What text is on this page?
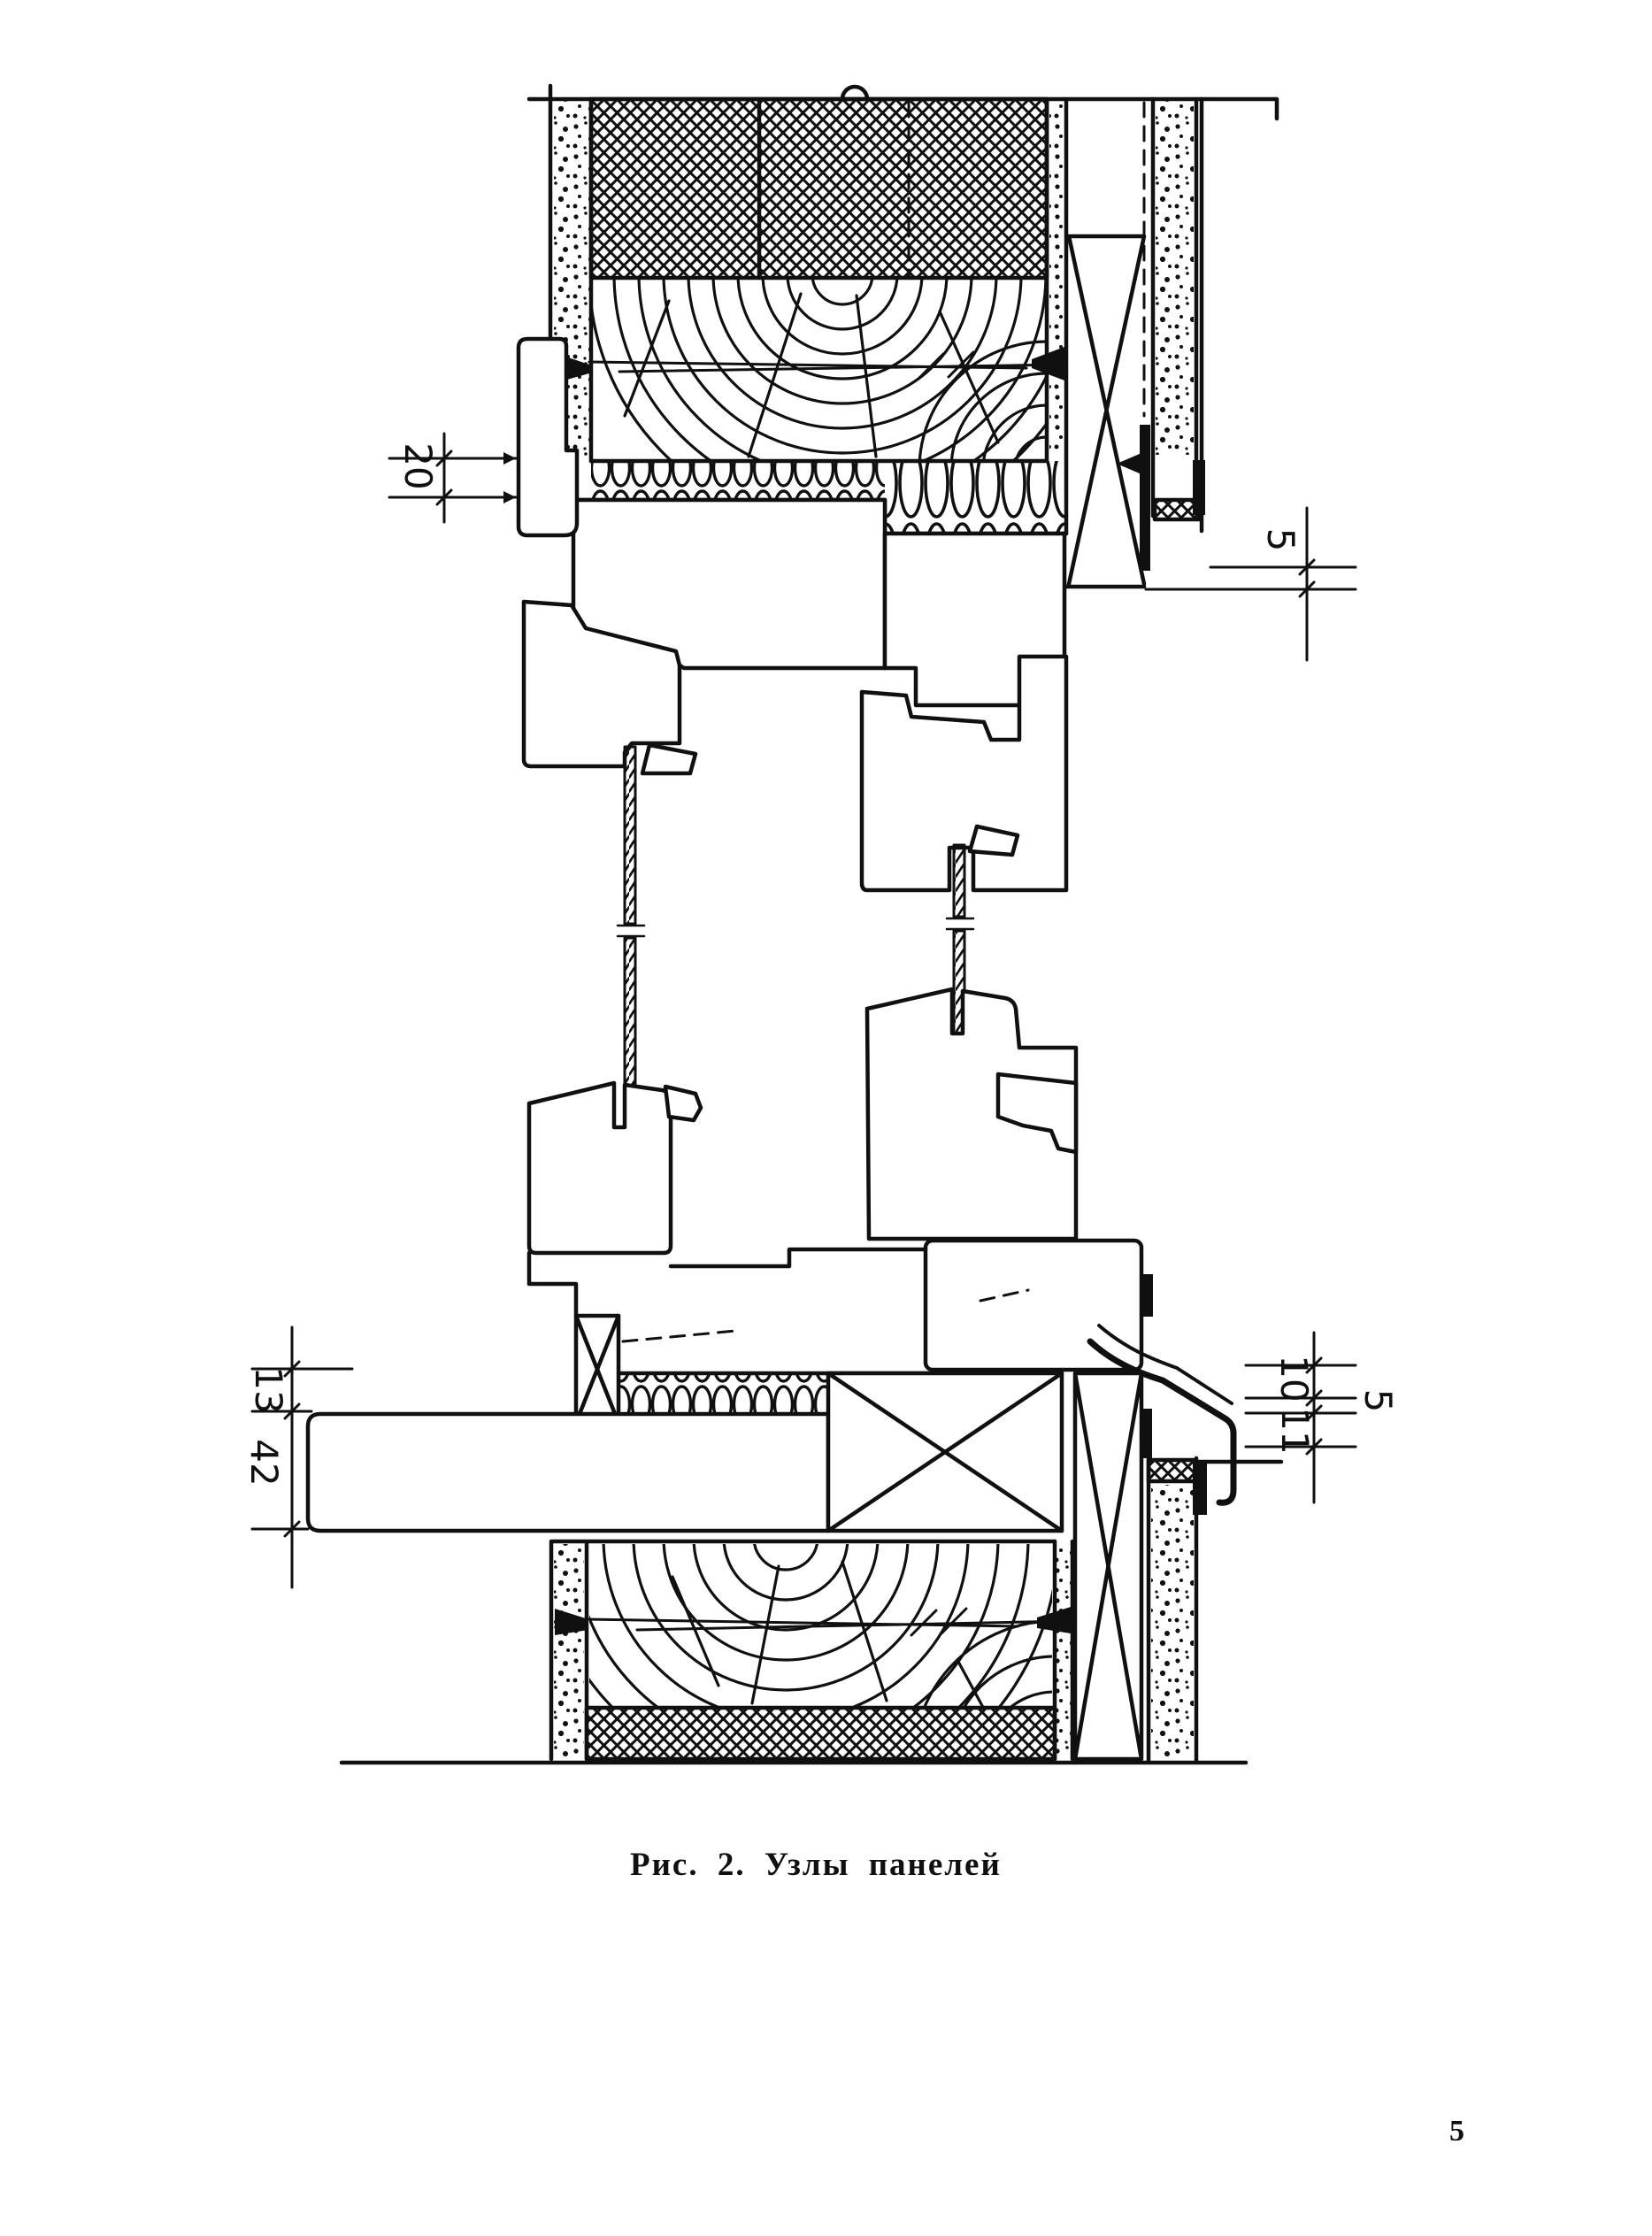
20
5
13
42
10 5
11
Рис. 2. Узлы панелей
5
